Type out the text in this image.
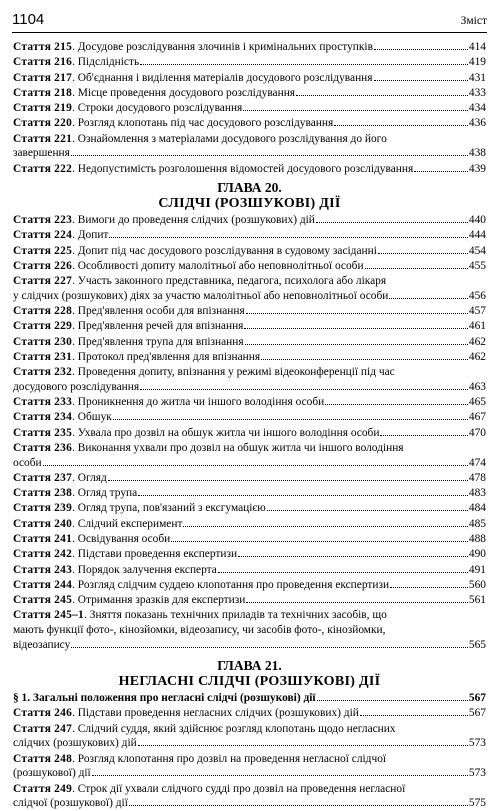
1104	Зміст
Стаття 215. Досудове розслідування злочинів і кримінальних проступків	414
Стаття 216. Підслідність	419
Стаття 217. Об'єднання і виділення матеріалів досудового розслідування	431
Стаття 218. Місце проведення досудового розслідування	433
Стаття 219. Строки досудового розслідування	434
Стаття 220. Розгляд клопотань під час досудового розслідування	436
Стаття 221. Ознайомлення з матеріалами досудового розслідування до його
завершення	438
Стаття 222. Недопустимість розголошення відомостей досудового розслідування	439
ГЛАВА 20.
СЛІДЧІ (РОЗШУКОВІ) ДІЇ
Стаття 223. Вимоги до проведення слідчих (розшукових) дій	440
Стаття 224. Допит	444
Стаття 225. Допит під час досудового розслідування в судовому засіданні	454
Стаття 226. Особливості допиту малолітньої або неповнолітньої особи	455
Стаття 227. Участь законного представника, педагога, психолога або лікаря
у слідчих (розшукових) діях за участю малолітньої або неповнолітньої особи	456
Стаття 228. Пред'явлення особи для впізнання	457
Стаття 229. Пред'явлення речей для впізнання	461
Стаття 230. Пред'явлення трупа для впізнання	462
Стаття 231. Протокол пред'явлення для впізнання	462
Стаття 232. Проведення допиту, впізнання у режимі відеоконференції під час
досудового розслідування	463
Стаття 233. Проникнення до житла чи іншого володіння особи	465
Стаття 234. Обшук	467
Стаття 235. Ухвала про дозвіл на обшук житла чи іншого володіння особи	470
Стаття 236. Виконання ухвали про дозвіл на обшук житла чи іншого володіння
особи	474
Стаття 237. Огляд	478
Стаття 238. Огляд трупа	483
Стаття 239. Огляд трупа, пов'язаний з ексгумацією	484
Стаття 240. Слідчий експеримент	485
Стаття 241. Освідування особи	488
Стаття 242. Підстави проведення експертизи	490
Стаття 243. Порядок залучення експерта	491
Стаття 244. Розгляд слідчим суддею клопотання про проведення експертизи	560
Стаття 245. Отримання зразків для експертизи	561
Стаття 245–1. Зняття показань технічних приладів та технічних засобів, що
мають функції фото-, кінозйомки, відеозапису, чи засобів фото-, кінозйомки,
відеозапису	565
ГЛАВА 21.
НЕГЛАСНІ СЛІДЧІ (РОЗШУКОВІ) ДІЇ
§ 1. Загальні положення про негласні слідчі (розшукові) дії	567
Стаття 246. Підстави проведення негласних слідчих (розшукових) дій	567
Стаття 247. Слідчий суддя, який здійснює розгляд клопотань щодо негласних
слідчих (розшукових) дій	573
Стаття 248. Розгляд клопотання про дозвіл на проведення негласної слідчої
(розшукової) дії	573
Стаття 249. Строк дії ухвали слідчого судді про дозвіл на проведення негласної
слідчої (розшукової) дії	575
